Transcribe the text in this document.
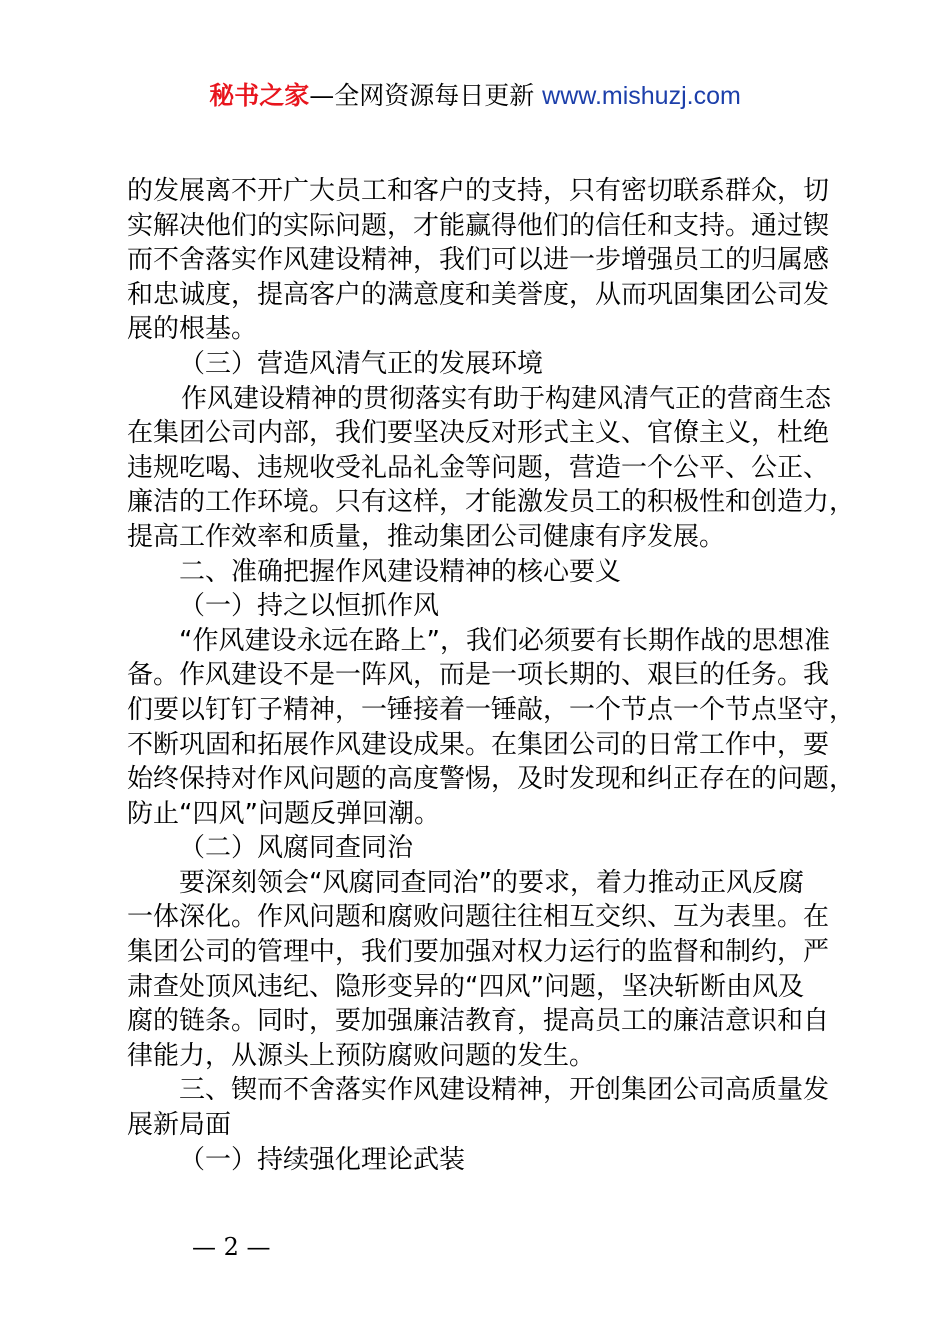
秘书之家—全网资源每日更新 www.mishuzj.com
的发展离不开广大员工和客户的支持，只有密切联系群众，切
实解决他们的实际问题，才能赢得他们的信任和支持。通过锲
而不舍落实作风建设精神，我们可以进一步增强员工的归属感
和忠诚度，提高客户的满意度和美誉度，从而巩固集团公司发
展的根基。
（三）营造风清气正的发展环境
作风建设精神的贯彻落实有助于构建风清气正的营商生态
在集团公司内部，我们要坚决反对形式主义、官僚主义，杜绝
违规吃喝、违规收受礼品礼金等问题，营造一个公平、公正、
廉洁的工作环境。只有这样，才能激发员工的积极性和创造力，
提高工作效率和质量，推动集团公司健康有序发展。
二、准确把握作风建设精神的核心要义
（一）持之以恒抓作风
“作风建设永远在路上”，我们必须要有长期作战的思想准
备。作风建设不是一阵风，而是一项长期的、艰巨的任务。我
们要以钉钉子精神，一锤接着一锤敲，一个节点一个节点坚守，
不断巩固和拓展作风建设成果。在集团公司的日常工作中，要
始终保持对作风问题的高度警惕，及时发现和纠正存在的问题，
防止“四风”问题反弹回潮。
（二）风腐同查同治
要深刻领会“风腐同查同治”的要求，着力推动正风反腐
一体深化。作风问题和腐败问题往往相互交织、互为表里。在
集团公司的管理中，我们要加强对权力运行的监督和制约，严
肃查处顶风违纪、隐形变异的“四风”问题，坚决斩断由风及
腐的链条。同时，要加强廉洁教育，提高员工的廉洁意识和自
律能力，从源头上预防腐败问题的发生。
三、锲而不舍落实作风建设精神，开创集团公司高质量发
展新局面
（一）持续强化理论武装
— 2 —
